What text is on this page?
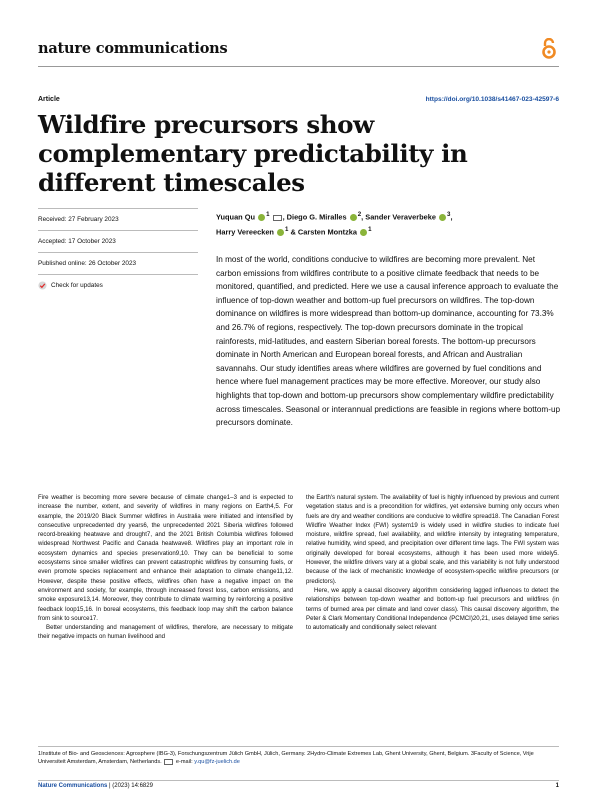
nature communications
Article	https://doi.org/10.1038/s41467-023-42597-6
Wildfire precursors show complementary predictability in different timescales
Received: 27 February 2023
Accepted: 17 October 2023
Published online: 26 October 2023
Check for updates
Yuquan Qu $^1$ , Diego G. Miralles $^2$, Sander Veraverbeke $^3$,
Harry Vereecken $^1$ & Carsten Montzka $^1$

In most of the world, conditions conducive to wildfires are becoming more prevalent. Net carbon emissions from wildfires contribute to a positive climate feedback that needs to be monitored, quantified, and predicted. Here we use a causal inference approach to evaluate the influence of top-down weather and bottom-up fuel precursors on wildfires. The top-down dominance on wildfires is more widespread than bottom-up dominance, accounting for 73.3% and 26.7% of regions, respectively. The top-down precursors dominate in the tropical rainforests, mid-latitudes, and eastern Siberian boreal forests. The bottom-up precursors dominate in North American and European boreal forests, and African and Australian savannahs. Our study identifies areas where wildfires are governed by fuel conditions and hence where fuel management practices may be more effective. Moreover, our study also highlights that top-down and bottom-up precursors show complementary wildfire predictability across timescales. Seasonal or interannual predictions are feasible in regions where bottom-up precursors dominate.

Fire weather is becoming more severe because of climate change1–3 and is expected to increase the number, extent, and severity of wildfires in many regions on Earth4,5. For example, the 2019/20 Black Summer wildfires in Australia were initiated and intensified by consecutive unprecedented dry years6, the unprecedented 2021 Siberia wildfires followed record-breaking heatwave and drought7, and the 2021 British Columbia wildfires followed widespread Northwest Pacific and Canada heatwave8. Wildfires play an important role in ecosystem dynamics and species preservation9,10. They can be beneficial to some ecosystems since smaller wildfires can prevent catastrophic wildfires by consuming fuels, or even promote species replacement and enhance their adaptation to climate change11,12. However, despite these positive effects, wildfires often have a negative impact on the environment and society, for example, through increased forest loss, carbon emissions, and smoke exposure13,14. Moreover, they contribute to climate warming by reinforcing a positive feedback loop15,16. In boreal ecosystems, this feedback loop may shift the carbon balance from sink to source17.

Better understanding and management of wildfires, therefore, are necessary to mitigate their negative impacts on human livelihood and

the Earth's natural system. The availability of fuel is highly influenced by previous and current vegetation status and is a precondition for wildfires, yet extensive burning only occurs when fuels are dry and weather conditions are conducive to wildfire spread18. The Canadian Forest Wildfire Weather Index (FWI) system19 is widely used in wildfire studies to indicate fuel moisture, wildfire spread, fuel availability, and wildfire intensity by integrating temperature, relative humidity, wind speed, and precipitation over different time lags. The FWI system was originally developed for boreal ecosystems, although it has been used more widely5. However, the wildfire drivers vary at a global scale, and this variability is not fully understood because of the lack of mechanistic knowledge of ecosystem-specific wildfire precursors (or predictors).

Here, we apply a causal discovery algorithm considering lagged influences to detect the relationships between top-down weather and bottom-up fuel precursors and wildfires (in terms of burned area per climate and land cover class). This causal discovery algorithm, the Peter & Clark Momentary Conditional Independence (PCMCI)20,21, uses delayed time series to automatically and conditionally select relevant

1Institute of Bio- and Geosciences: Agrosphere (IBG-3), Forschungszentrum Jülich GmbH, Jülich, Germany. 2Hydro-Climate Extremes Lab, Ghent University, Ghent, Belgium. 3Faculty of Science, Vrije Universiteit Amsterdam, Amsterdam, Netherlands.	e-mail: y.qu@fz-juelich.de
Nature Communications | (2023) 14:6829	1
